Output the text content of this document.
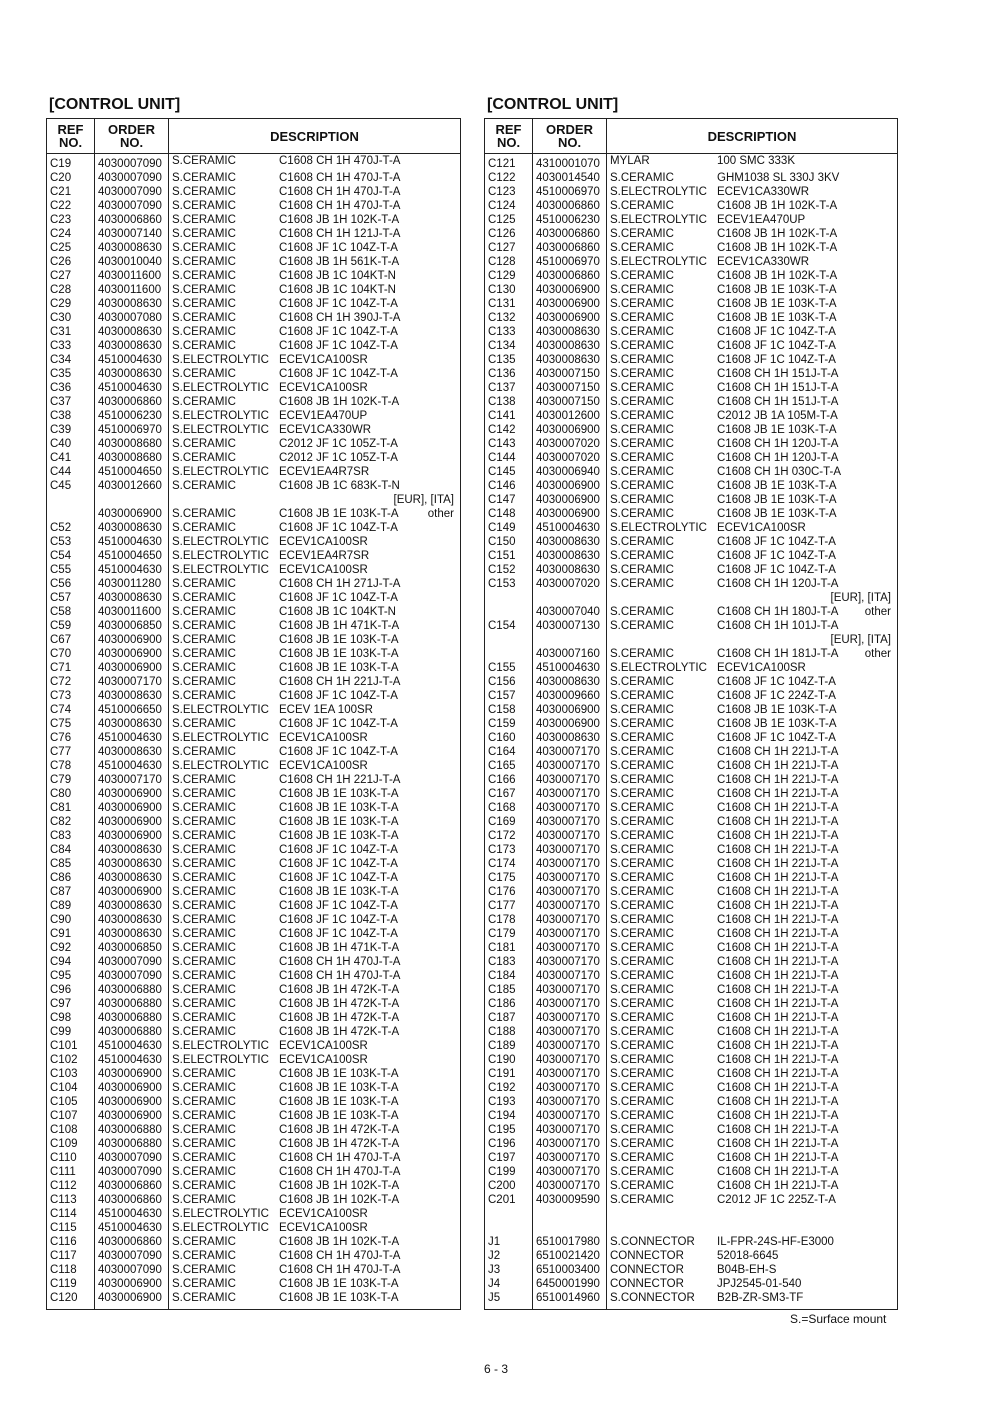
[CONTROL UNIT]
REF
NO.	ORDER
NO.	DESCRIPTION
C19	4030007090	S.CERAMIC C1608 CH 1H 470J-T-A

C20	4030007090	S.CERAMIC C1608 CH 1H 470J-T-A

C21	4030007090	S.CERAMIC C1608 CH 1H 470J-T-A

C22	4030007090	S.CERAMIC C1608 CH 1H 470J-T-A

C23	4030006860	S.CERAMIC C1608 JB 1H 102K-T-A

C24	4030007140	S.CERAMIC C1608 CH 1H 121J-T-A

C25	4030008630	S.CERAMIC C1608 JF 1C 104Z-T-A

C26	4030010040	S.CERAMIC C1608 JB 1H 561K-T-A

C27	4030011600	S.CERAMIC C1608 JB 1C 104KT-N

C28	4030011600	S.CERAMIC C1608 JB 1C 104KT-N

C29	4030008630	S.CERAMIC C1608 JF 1C 104Z-T-A

C30	4030007080	S.CERAMIC C1608 CH 1H 390J-T-A

C31	4030008630	S.CERAMIC C1608 JF 1C 104Z-T-A

C33	4030008630	S.CERAMIC C1608 JF 1C 104Z-T-A

C34	4510004630	S.ELECTROLYTIC ECEV1CA100SR

C35	4030008630	S.CERAMIC C1608 JF 1C 104Z-T-A

C36	4510004630	S.ELECTROLYTIC ECEV1CA100SR

C37	4030006860	S.CERAMIC C1608 JB 1H 102K-T-A

C38	4510006230	S.ELECTROLYTIC ECEV1EA470UP

C39	4510006970	S.ELECTROLYTIC ECEV1CA330WR

C40	4030008680	S.CERAMIC C2012 JF 1C 105Z-T-A

C41	4030008680	S.CERAMIC C2012 JF 1C 105Z-T-A

C44	4510004650	S.ELECTROLYTIC ECEV1EA4R7SR

C45	4030012660	S.CERAMIC C1608 JB 1C 683K-T-N

		[EUR], [ITA]

	4030006900	S.CERAMIC C1608 JB 1E 103K-T-A other

C52	4030008630	S.CERAMIC C1608 JF 1C 104Z-T-A

C53	4510004630	S.ELECTROLYTIC ECEV1CA100SR

C54	4510004650	S.ELECTROLYTIC ECEV1EA4R7SR

C55	4510004630	S.ELECTROLYTIC ECEV1CA100SR

C56	4030011280	S.CERAMIC C1608 CH 1H 271J-T-A

C57	4030008630	S.CERAMIC C1608 JF 1C 104Z-T-A

C58	4030011600	S.CERAMIC C1608 JB 1C 104KT-N

C59	4030006850	S.CERAMIC C1608 JB 1H 471K-T-A

C67	4030006900	S.CERAMIC C1608 JB 1E 103K-T-A

C70	4030006900	S.CERAMIC C1608 JB 1E 103K-T-A

C71	4030006900	S.CERAMIC C1608 JB 1E 103K-T-A

C72	4030007170	S.CERAMIC C1608 CH 1H 221J-T-A

C73	4030008630	S.CERAMIC C1608 JF 1C 104Z-T-A

C74	4510006650	S.ELECTROLYTIC ECEV 1EA 100SR

C75	4030008630	S.CERAMIC C1608 JF 1C 104Z-T-A

C76	4510004630	S.ELECTROLYTIC ECEV1CA100SR

C77	4030008630	S.CERAMIC C1608 JF 1C 104Z-T-A

C78	4510004630	S.ELECTROLYTIC ECEV1CA100SR

C79	4030007170	S.CERAMIC C1608 CH 1H 221J-T-A

C80	4030006900	S.CERAMIC C1608 JB 1E 103K-T-A

C81	4030006900	S.CERAMIC C1608 JB 1E 103K-T-A

C82	4030006900	S.CERAMIC C1608 JB 1E 103K-T-A

C83	4030006900	S.CERAMIC C1608 JB 1E 103K-T-A

C84	4030008630	S.CERAMIC C1608 JF 1C 104Z-T-A

C85	4030008630	S.CERAMIC C1608 JF 1C 104Z-T-A

C86	4030008630	S.CERAMIC C1608 JF 1C 104Z-T-A

C87	4030006900	S.CERAMIC C1608 JB 1E 103K-T-A

C89	4030008630	S.CERAMIC C1608 JF 1C 104Z-T-A

C90	4030008630	S.CERAMIC C1608 JF 1C 104Z-T-A

C91	4030008630	S.CERAMIC C1608 JF 1C 104Z-T-A

C92	4030006850	S.CERAMIC C1608 JB 1H 471K-T-A

C94	4030007090	S.CERAMIC C1608 CH 1H 470J-T-A

C95	4030007090	S.CERAMIC C1608 CH 1H 470J-T-A

C96	4030006880	S.CERAMIC C1608 JB 1H 472K-T-A

C97	4030006880	S.CERAMIC C1608 JB 1H 472K-T-A

C98	4030006880	S.CERAMIC C1608 JB 1H 472K-T-A

C99	4030006880	S.CERAMIC C1608 JB 1H 472K-T-A

C101	4510004630	S.ELECTROLYTIC ECEV1CA100SR

C102	4510004630	S.ELECTROLYTIC ECEV1CA100SR

C103	4030006900	S.CERAMIC C1608 JB 1E 103K-T-A

C104	4030006900	S.CERAMIC C1608 JB 1E 103K-T-A

C105	4030006900	S.CERAMIC C1608 JB 1E 103K-T-A

C107	4030006900	S.CERAMIC C1608 JB 1E 103K-T-A

C108	4030006880	S.CERAMIC C1608 JB 1H 472K-T-A

C109	4030006880	S.CERAMIC C1608 JB 1H 472K-T-A

C110	4030007090	S.CERAMIC C1608 CH 1H 470J-T-A

C111	4030007090	S.CERAMIC C1608 CH 1H 470J-T-A

C112	4030006860	S.CERAMIC C1608 JB 1H 102K-T-A

C113	4030006860	S.CERAMIC C1608 JB 1H 102K-T-A

C114	4510004630	S.ELECTROLYTIC ECEV1CA100SR

C115	4510004630	S.ELECTROLYTIC ECEV1CA100SR

C116	4030006860	S.CERAMIC C1608 JB 1H 102K-T-A

C117	4030007090	S.CERAMIC C1608 CH 1H 470J-T-A

C118	4030007090	S.CERAMIC C1608 CH 1H 470J-T-A

C119	4030006900	S.CERAMIC C1608 JB 1E 103K-T-A

C120	4030006900	S.CERAMIC C1608 JB 1E 103K-T-A

[CONTROL UNIT]
REF
NO.	ORDER
NO.	DESCRIPTION
C121	4310001070	MYLAR 100 SMC 333K

C122	4030014540	S.CERAMIC GHM1038 SL 330J 3KV

C123	4510006970	S.ELECTROLYTIC ECEV1CA330WR

C124	4030006860	S.CERAMIC C1608 JB 1H 102K-T-A

C125	4510006230	S.ELECTROLYTIC ECEV1EA470UP

C126	4030006860	S.CERAMIC C1608 JB 1H 102K-T-A

C127	4030006860	S.CERAMIC C1608 JB 1H 102K-T-A

C128	4510006970	S.ELECTROLYTIC ECEV1CA330WR

C129	4030006860	S.CERAMIC C1608 JB 1H 102K-T-A

C130	4030006900	S.CERAMIC C1608 JB 1E 103K-T-A

C131	4030006900	S.CERAMIC C1608 JB 1E 103K-T-A

C132	4030006900	S.CERAMIC C1608 JB 1E 103K-T-A

C133	4030008630	S.CERAMIC C1608 JF 1C 104Z-T-A

C134	4030008630	S.CERAMIC C1608 JF 1C 104Z-T-A

C135	4030008630	S.CERAMIC C1608 JF 1C 104Z-T-A

C136	4030007150	S.CERAMIC C1608 CH 1H 151J-T-A

C137	4030007150	S.CERAMIC C1608 CH 1H 151J-T-A

C138	4030007150	S.CERAMIC C1608 CH 1H 151J-T-A

C141	4030012600	S.CERAMIC C2012 JB 1A 105M-T-A

C142	4030006900	S.CERAMIC C1608 JB 1E 103K-T-A

C143	4030007020	S.CERAMIC C1608 CH 1H 120J-T-A

C144	4030007020	S.CERAMIC C1608 CH 1H 120J-T-A

C145	4030006940	S.CERAMIC C1608 CH 1H 030C-T-A

C146	4030006900	S.CERAMIC C1608 JB 1E 103K-T-A

C147	4030006900	S.CERAMIC C1608 JB 1E 103K-T-A

C148	4030006900	S.CERAMIC C1608 JB 1E 103K-T-A

C149	4510004630	S.ELECTROLYTIC ECEV1CA100SR

C150	4030008630	S.CERAMIC C1608 JF 1C 104Z-T-A

C151	4030008630	S.CERAMIC C1608 JF 1C 104Z-T-A

C152	4030008630	S.CERAMIC C1608 JF 1C 104Z-T-A

C153	4030007020	S.CERAMIC C1608 CH 1H 120J-T-A

		[EUR], [ITA]

	4030007040	S.CERAMIC C1608 CH 1H 180J-T-A other

C154	4030007130	S.CERAMIC C1608 CH 1H 101J-T-A

		[EUR], [ITA]

	4030007160	S.CERAMIC C1608 CH 1H 181J-T-A other

C155	4510004630	S.ELECTROLYTIC ECEV1CA100SR

C156	4030008630	S.CERAMIC C1608 JF 1C 104Z-T-A

C157	4030009660	S.CERAMIC C1608 JF 1C 224Z-T-A

C158	4030006900	S.CERAMIC C1608 JB 1E 103K-T-A

C159	4030006900	S.CERAMIC C1608 JB 1E 103K-T-A

C160	4030008630	S.CERAMIC C1608 JF 1C 104Z-T-A

C164	4030007170	S.CERAMIC C1608 CH 1H 221J-T-A

C165	4030007170	S.CERAMIC C1608 CH 1H 221J-T-A

C166	4030007170	S.CERAMIC C1608 CH 1H 221J-T-A

C167	4030007170	S.CERAMIC C1608 CH 1H 221J-T-A

C168	4030007170	S.CERAMIC C1608 CH 1H 221J-T-A

C169	4030007170	S.CERAMIC C1608 CH 1H 221J-T-A

C172	4030007170	S.CERAMIC C1608 CH 1H 221J-T-A

C173	4030007170	S.CERAMIC C1608 CH 1H 221J-T-A

C174	4030007170	S.CERAMIC C1608 CH 1H 221J-T-A

C175	4030007170	S.CERAMIC C1608 CH 1H 221J-T-A

C176	4030007170	S.CERAMIC C1608 CH 1H 221J-T-A

C177	4030007170	S.CERAMIC C1608 CH 1H 221J-T-A

C178	4030007170	S.CERAMIC C1608 CH 1H 221J-T-A

C179	4030007170	S.CERAMIC C1608 CH 1H 221J-T-A

C181	4030007170	S.CERAMIC C1608 CH 1H 221J-T-A

C183	4030007170	S.CERAMIC C1608 CH 1H 221J-T-A

C184	4030007170	S.CERAMIC C1608 CH 1H 221J-T-A

C185	4030007170	S.CERAMIC C1608 CH 1H 221J-T-A

C186	4030007170	S.CERAMIC C1608 CH 1H 221J-T-A

C187	4030007170	S.CERAMIC C1608 CH 1H 221J-T-A

C188	4030007170	S.CERAMIC C1608 CH 1H 221J-T-A

C189	4030007170	S.CERAMIC C1608 CH 1H 221J-T-A

C190	4030007170	S.CERAMIC C1608 CH 1H 221J-T-A

C191	4030007170	S.CERAMIC C1608 CH 1H 221J-T-A

C192	4030007170	S.CERAMIC C1608 CH 1H 221J-T-A

C193	4030007170	S.CERAMIC C1608 CH 1H 221J-T-A

C194	4030007170	S.CERAMIC C1608 CH 1H 221J-T-A

C195	4030007170	S.CERAMIC C1608 CH 1H 221J-T-A

C196	4030007170	S.CERAMIC C1608 CH 1H 221J-T-A

C197	4030007170	S.CERAMIC C1608 CH 1H 221J-T-A

C199	4030007170	S.CERAMIC C1608 CH 1H 221J-T-A

C200	4030007170	S.CERAMIC C1608 CH 1H 221J-T-A

C201	4030009590	S.CERAMIC C2012 JF 1C 225Z-T-A

J1	6510017980	S.CONNECTOR IL-FPR-24S-HF-E3000

J2	6510021420	CONNECTOR 52018-6645

J3	6510003400	CONNECTOR B04B-EH-S

J4	6450001990	CONNECTOR JPJ2545-01-540

J5	6510014960	S.CONNECTOR B2B-ZR-SM3-TF

S.=Surface mount
6 - 3
